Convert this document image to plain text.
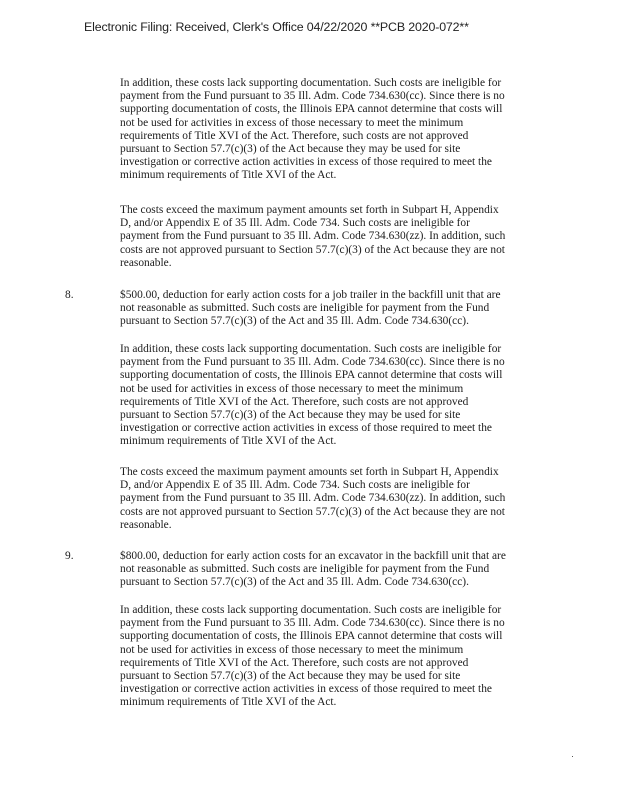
Electronic Filing: Received, Clerk's Office 04/22/2020 **PCB 2020-072**
In addition, these costs lack supporting documentation. Such costs are ineligible for
payment from the Fund pursuant to 35 Ill. Adm. Code 734.630(cc). Since there is no
supporting documentation of costs, the Illinois EPA cannot determine that costs will
not be used for activities in excess of those necessary to meet the minimum
requirements of Title XVI of the Act. Therefore, such costs are not approved
pursuant to Section 57.7(c)(3) of the Act because they may be used for site
investigation or corrective action activities in excess of those required to meet the
minimum requirements of Title XVI of the Act.
The costs exceed the maximum payment amounts set forth in Subpart H, Appendix
D, and/or Appendix E of 35 Ill. Adm. Code 734. Such costs are ineligible for
payment from the Fund pursuant to 35 Ill. Adm. Code 734.630(zz). In addition, such
costs are not approved pursuant to Section 57.7(c)(3) of the Act because they are not
reasonable.
8.	$500.00, deduction for early action costs for a job trailer in the backfill unit that are
not reasonable as submitted. Such costs are ineligible for payment from the Fund
pursuant to Section 57.7(c)(3) of the Act and 35 Ill. Adm. Code 734.630(cc).
In addition, these costs lack supporting documentation. Such costs are ineligible for
payment from the Fund pursuant to 35 Ill. Adm. Code 734.630(cc). Since there is no
supporting documentation of costs, the Illinois EPA cannot determine that costs will
not be used for activities in excess of those necessary to meet the minimum
requirements of Title XVI of the Act. Therefore, such costs are not approved
pursuant to Section 57.7(c)(3) of the Act because they may be used for site
investigation or corrective action activities in excess of those required to meet the
minimum requirements of Title XVI of the Act.
The costs exceed the maximum payment amounts set forth in Subpart H, Appendix
D, and/or Appendix E of 35 Ill. Adm. Code 734. Such costs are ineligible for
payment from the Fund pursuant to 35 Ill. Adm. Code 734.630(zz). In addition, such
costs are not approved pursuant to Section 57.7(c)(3) of the Act because they are not
reasonable.
9.	$800.00, deduction for early action costs for an excavator in the backfill unit that are
not reasonable as submitted. Such costs are ineligible for payment from the Fund
pursuant to Section 57.7(c)(3) of the Act and 35 Ill. Adm. Code 734.630(cc).
In addition, these costs lack supporting documentation. Such costs are ineligible for
payment from the Fund pursuant to 35 Ill. Adm. Code 734.630(cc). Since there is no
supporting documentation of costs, the Illinois EPA cannot determine that costs will
not be used for activities in excess of those necessary to meet the minimum
requirements of Title XVI of the Act. Therefore, such costs are not approved
pursuant to Section 57.7(c)(3) of the Act because they may be used for site
investigation or corrective action activities in excess of those required to meet the
minimum requirements of Title XVI of the Act.
